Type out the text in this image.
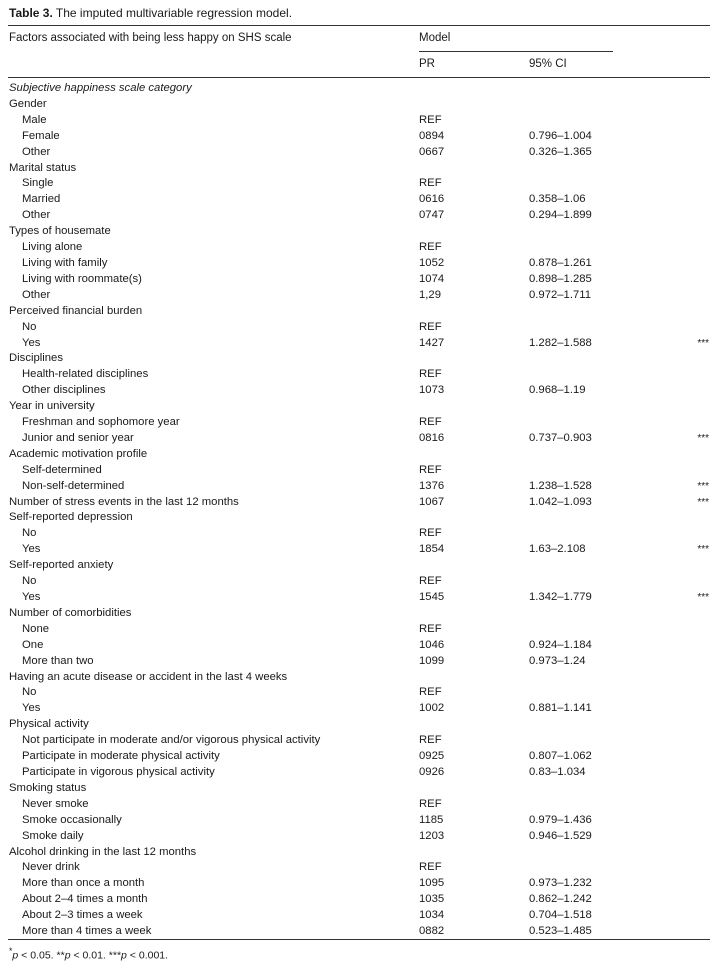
Table 3. The imputed multivariable regression model.
Factors associated with being less happy on SHS scale	Model
PR	95% CI
Subjective happiness scale category			
Gender			
Male	REF		
Female	0894	0.796–1.004	
Other	0667	0.326–1.365	
Marital status			
Single	REF		
Married	0616	0.358–1.06	
Other	0747	0.294–1.899	
Types of housemate			
Living alone	REF		
Living with family	1052	0.878–1.261	
Living with roommate(s)	1074	0.898–1.285	
Other	1,29	0.972–1.711	
Perceived financial burden			
No	REF		
Yes	1427	1.282–1.588	***
Disciplines			
Health-related disciplines	REF		
Other disciplines	1073	0.968–1.19	
Year in university			
Freshman and sophomore year	REF		
Junior and senior year	0816	0.737–0.903	***
Academic motivation profile			
Self-determined	REF		
Non-self-determined	1376	1.238–1.528	***
Number of stress events in the last 12 months	1067	1.042–1.093	***
Self-reported depression			
No	REF		
Yes	1854	1.63–2.108	***
Self-reported anxiety			
No	REF		
Yes	1545	1.342–1.779	***
Number of comorbidities			
None	REF		
One	1046	0.924–1.184	
More than two	1099	0.973–1.24	
Having an acute disease or accident in the last 4 weeks			
No	REF		
Yes	1002	0.881–1.141	
Physical activity			
Not participate in moderate and/or vigorous physical activity	REF		
Participate in moderate physical activity	0925	0.807–1.062	
Participate in vigorous physical activity	0926	0.83–1.034	
Smoking status			
Never smoke	REF		
Smoke occasionally	1185	0.979–1.436	
Smoke daily	1203	0.946–1.529	
Alcohol drinking in the last 12 months			
Never drink	REF		
More than once a month	1095	0.973–1.232	
About 2–4 times a month	1035	0.862–1.242	
About 2–3 times a week	1034	0.704–1.518	
More than 4 times a week	0882	0.523–1.485	
*p < 0.05. **p < 0.01. ***p < 0.001.
